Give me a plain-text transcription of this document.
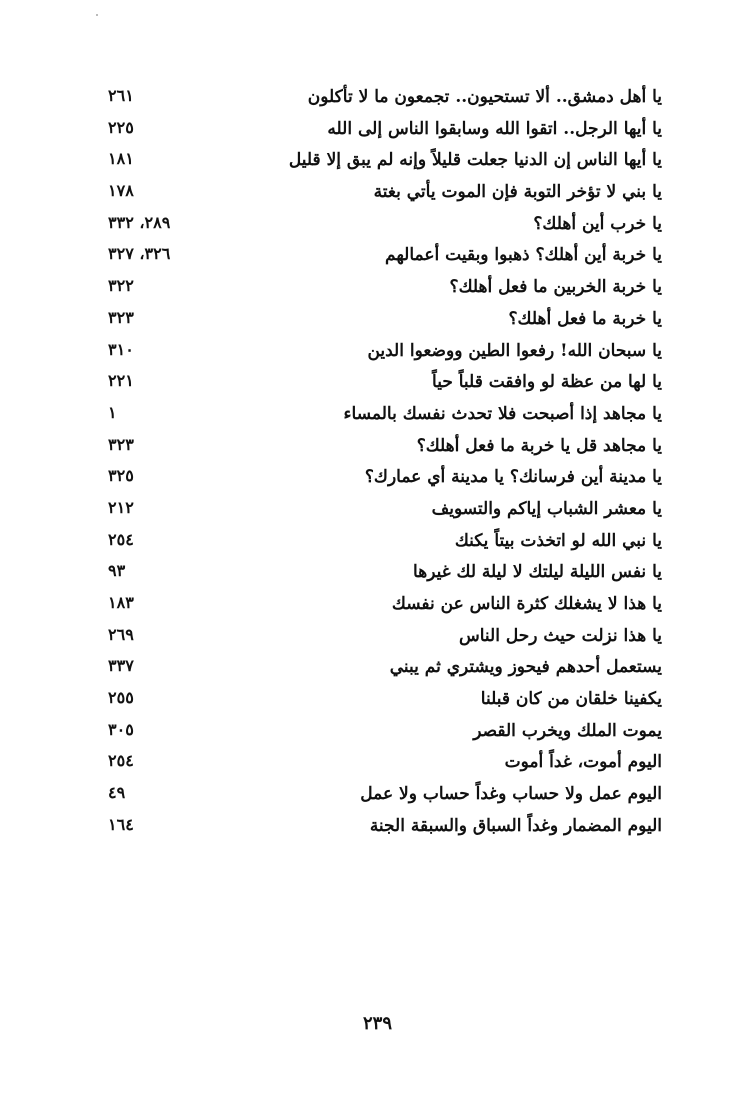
يا أهل دمشق.. ألا تستحيون.. تجمعون ما لا تأكلون
٢٦١
يا أيها الرجل.. اتقوا الله وسابقوا الناس إلى الله
٢٢٥
يا أيها الناس إن الدنيا جعلت قليلاً وإنه لم يبق إلا قليل
١٨١
يا بني لا تؤخر التوبة فإن الموت يأتي بغتة
١٧٨
يا خرب أين أهلك؟
٢٨٩، ٣٣٢
يا خربة أين أهلك؟ ذهبوا وبقيت أعمالهم
٣٢٦، ٣٢٧
يا خربة الخربين ما فعل أهلك؟
٣٢٢
يا خربة ما فعل أهلك؟
٣٢٣
يا سبحان الله! رفعوا الطين ووضعوا الدين
٣١٠
يا لها من عظة لو وافقت قلباً حياً
٢٢١
يا مجاهد إذا أصبحت فلا تحدث نفسك بالمساء
١
يا مجاهد قل يا خربة ما فعل أهلك؟
٣٢٣
يا مدينة أين فرسانك؟ يا مدينة أي عمارك؟
٣٢٥
يا معشر الشباب إياكم والتسويف
٢١٢
يا نبي الله لو اتخذت بيتاً يكنك
٢٥٤
يا نفس الليلة ليلتك لا ليلة لك غيرها
٩٣
يا هذا لا يشغلك كثرة الناس عن نفسك
١٨٣
يا هذا نزلت حيث رحل الناس
٢٦٩
يستعمل أحدهم فيحوز ويشتري ثم يبني
٣٣٧
يكفينا خلقان من كان قبلنا
٢٥٥
يموت الملك ويخرب القصر
٣٠٥
اليوم أموت، غداً أموت
٢٥٤
اليوم عمل ولا حساب وغداً حساب ولا عمل
٤٩
اليوم المضمار وغداً السباق والسبقة الجنة
١٦٤
٢٣٩
